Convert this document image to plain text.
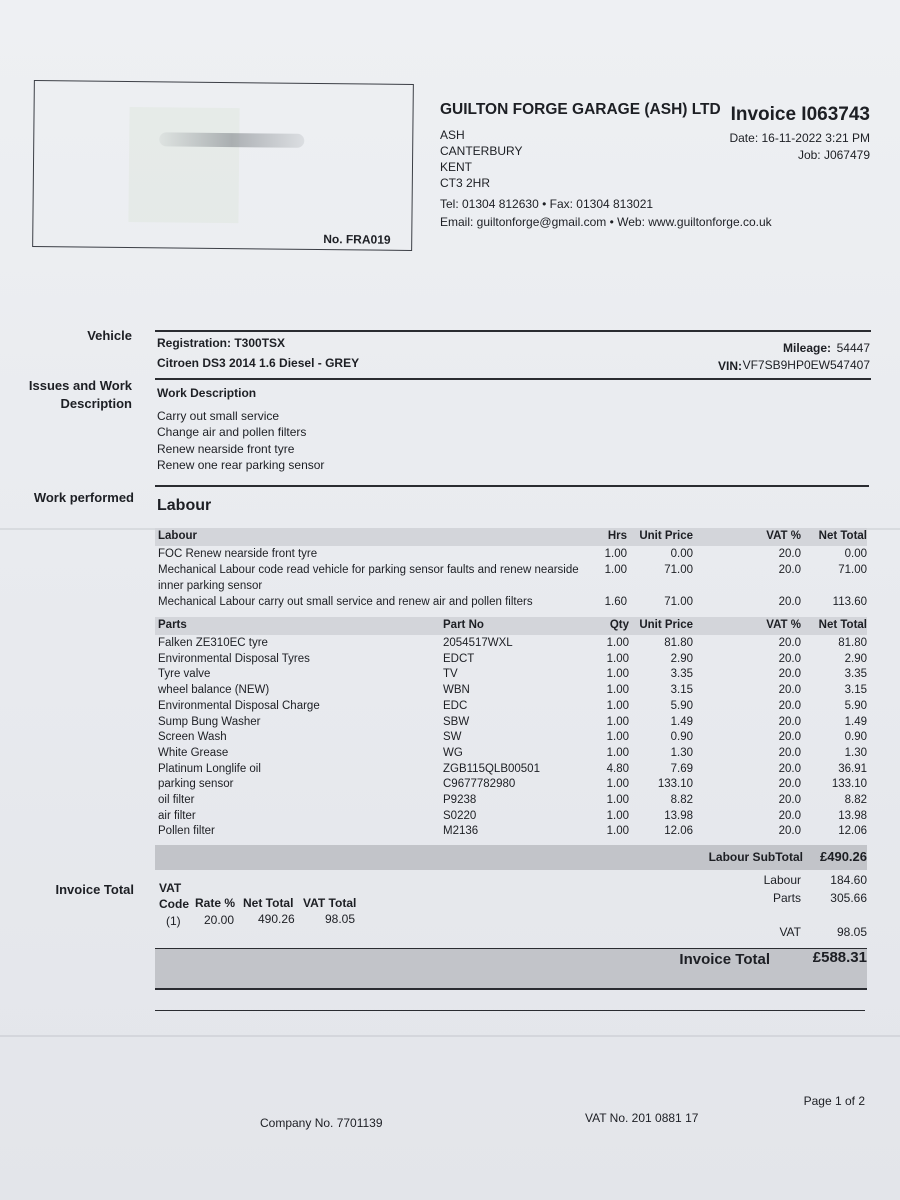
No. FRA019
GUILTON FORGE GARAGE (ASH) LTD
ASH
CANTERBURY
KENT
CT3 2HR
Tel: 01304 812630 • Fax: 01304 813021
Email: guiltonforge@gmail.com • Web: www.guiltonforge.co.uk
Invoice I063743
Date: 16-11-2022 3:21 PM
Job: J067479
Vehicle Registration: T300TSX
Citroen DS3 2014 1.6 Diesel - GREY
Mileage: 54447
VIN: VF7SB9HP0EW547407
Issues and Work Description
Work Description
Carry out small service
Change air and pollen filters
Renew nearside front tyre
Renew one rear parking sensor
Work performed Labour
Labour	Hrs Unit Price	VAT % Net Total
FOC Renew nearside front tyre	1.00	0.00	20.0	0.00
Mechanical Labour code read vehicle for parking sensor faults and renew nearside
inner parking sensor
1.00	71.00	20.0	71.00
Mechanical Labour carry out small service and renew air and pollen filters	1.60	71.00	20.0	113.60
Parts	Part No	Qty Unit Price	VAT % Net Total
Falken ZE310EC tyre	2054517WXL	1.00	81.80	20.0	81.80
Environmental Disposal Tyres	EDCT	1.00	2.90	20.0	2.90
Tyre valve	TV	1.00	3.35	20.0	3.35
wheel balance (NEW)	WBN	1.00	3.15	20.0	3.15
Environmental Disposal Charge	EDC	1.00	5.90	20.0	5.90
Sump Bung Washer	SBW	1.00	1.49	20.0	1.49
Screen Wash	SW	1.00	0.90	20.0	0.90
White Grease	WG	1.00	1.30	20.0	1.30
Platinum Longlife oil	ZGB115QLB00501	4.80	7.69	20.0	36.91
parking sensor	C9677782980	1.00	133.10	20.0	133.10
oil filter	P9238	1.00	8.82	20.0	8.82
air filter	S0220	1.00	13.98	20.0	13.98
Pollen filter	M2136	1.00	12.06	20.0	12.06
Labour SubTotal £490.26
Invoice Total VAT
Code Rate % Net Total VAT Total
(1) 20.00 490.26	98.05
Labour 184.60
Parts 305.66
VAT	98.05
Invoice Total	£588.31
Page 1 of 2
Company No. 7701139	VAT No. 201 0881 17
